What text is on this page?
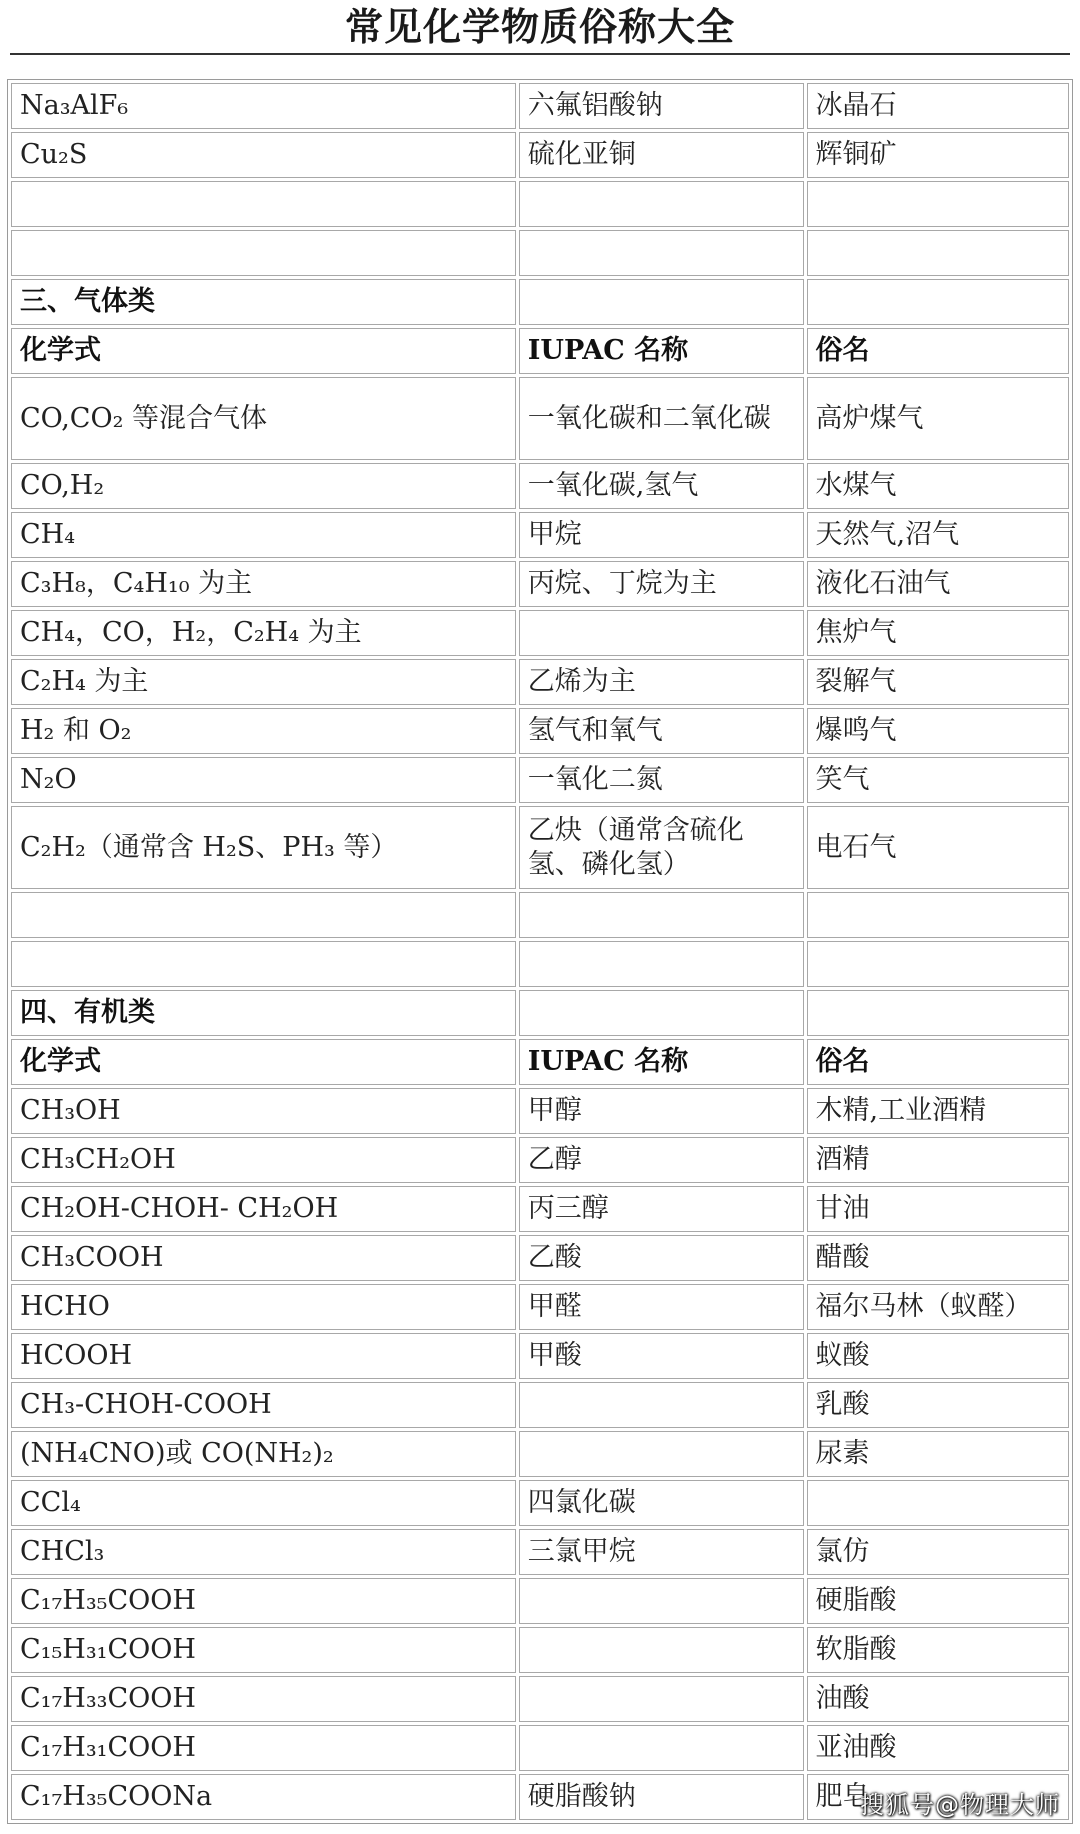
常见化学物质俗称大全
Na₃AlF₆	六氟铝酸钠	冰晶石
Cu₂S	硫化亚铜	辉铜矿

三、气体类		
化学式	IUPAC 名称	俗名
CO,CO₂ 等混合气体	一氧化碳和二氧化碳	高炉煤气
CO,H₂	一氧化碳,氢气	水煤气
CH₄	甲烷	天然气,沼气
C₃H₈，C₄H₁₀ 为主	丙烷、丁烷为主	液化石油气
CH₄，CO，H₂，C₂H₄ 为主		焦炉气
C₂H₄ 为主	乙烯为主	裂解气
H₂ 和 O₂	氢气和氧气	爆鸣气
N₂O	一氧化二氮	笑气
C₂H₂（通常含 H₂S、PH₃ 等）	乙炔（通常含硫化氢、磷化氢）	电石气

四、有机类		
化学式	IUPAC 名称	俗名
CH₃OH	甲醇	木精,工业酒精
CH₃CH₂OH	乙醇	酒精
CH₂OH-CHOH- CH₂OH	丙三醇	甘油
CH₃COOH	乙酸	醋酸
HCHO	甲醛	福尔马林（蚁醛）
HCOOH	甲酸	蚁酸
CH₃-CHOH-COOH		乳酸
(NH₄CNO)或 CO(NH₂)₂		尿素
CCl₄	四氯化碳	
CHCl₃	三氯甲烷	氯仿
C₁₇H₃₅COOH		硬脂酸
C₁₅H₃₁COOH		软脂酸
C₁₇H₃₃COOH		油酸
C₁₇H₃₁COOH		亚油酸
C₁₇H₃₅COONa	硬脂酸钠	肥皂
搜狐号@物理大师
